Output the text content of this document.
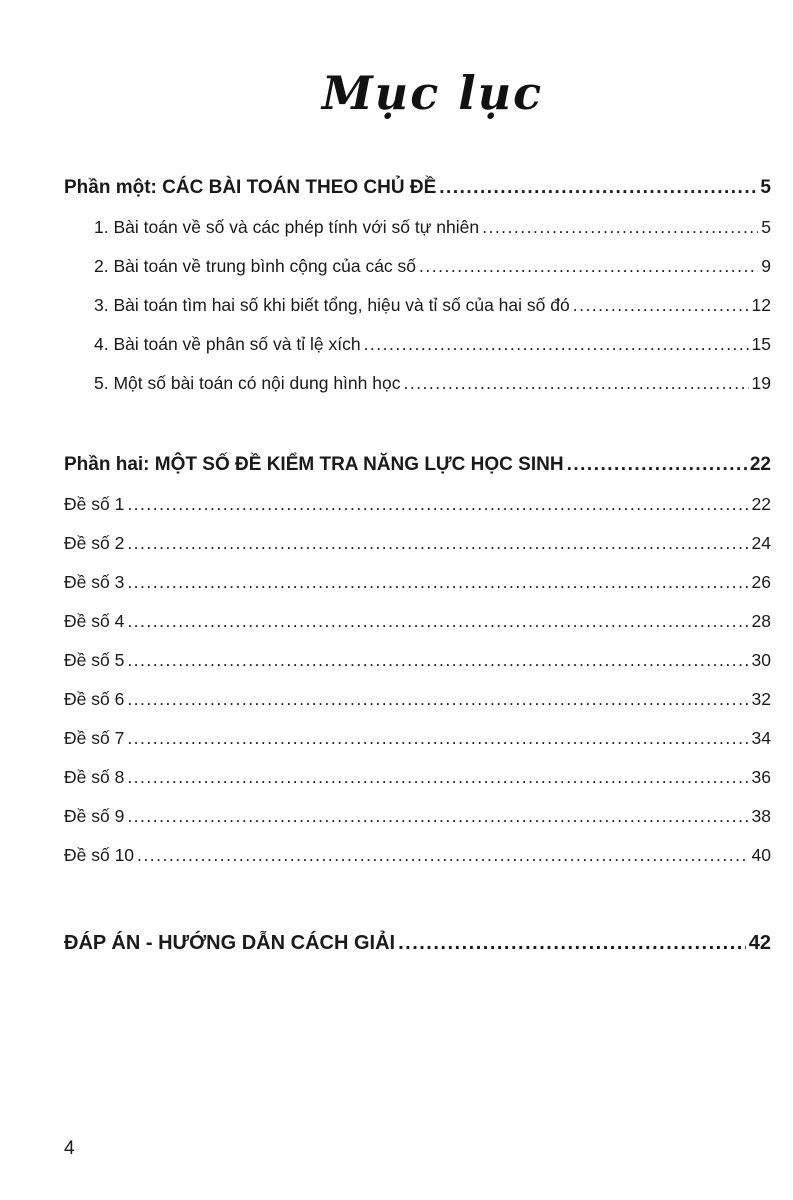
Mục lục
Phần một: CÁC BÀI TOÁN THEO CHỦ ĐỀ .....	5
1. Bài toán về số và các phép tính với số tự nhiên .....	5
2. Bài toán về trung bình cộng của các số .....	9
3. Bài toán tìm hai số khi biết tổng, hiệu và tỉ số của hai số đó .....	12
4. Bài toán về phân số và tỉ lệ xích .....	15
5. Một số bài toán có nội dung hình học .....	19
Phần hai: MỘT SỐ ĐỀ KIỂM TRA NĂNG LỰC HỌC SINH .....	22
Đề số 1 .....	22
Đề số 2 .....	24
Đề số 3 .....	26
Đề số 4 .....	28
Đề số 5 .....	30
Đề số 6 .....	32
Đề số 7 .....	34
Đề số 8 .....	36
Đề số 9 .....	38
Đề số 10 .....	40
ĐÁP ÁN - HƯỚNG DẪN CÁCH GIẢI .....	42
4
